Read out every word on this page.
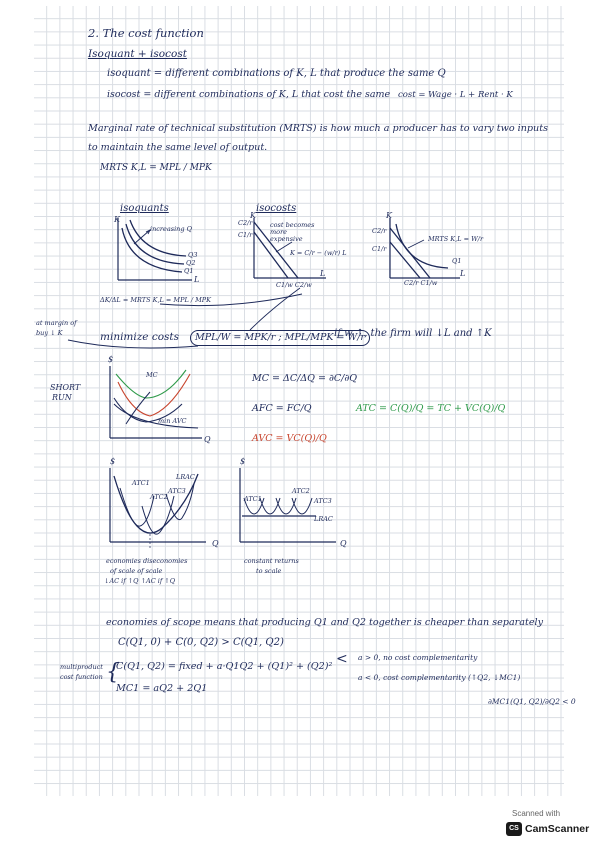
2. The cost function
Isoquant + isocost
isoquant = different combinations of K, L that produce the same Q
isocost = different combinations of K, L that cost the same cost = Wage · L + Rent · K
Marginal rate of technical substitution (MRTS) is how much a producer has to vary two inputs
to maintain the same level of output.
MRTS K,L = MPL / MPK
isoquants
K
L
increasing Q
Q3
Q2
Q1
ΔK/ΔL = MRTS K,L = MPL / MPK
isocosts
C2/r
C1/r
K
L
C1/w C2/w
cost becomes more expensive
K = C/r − (w/r) L
K
L
C2/r
C1/r
C2/r C1/w
Q1
MRTS K,L = W/r
at margin of
buy ↓ K	minimize costs	MPL/W = MPK/r ; MPL/MPK = W/r
if w ↑, the firm will ↓L and ↑K
SHORT
RUN
$
Q
MC
min AVC
MC = ΔC/ΔQ = ∂C/∂Q
AFC = FC/Q
AVC = VC(Q)/Q
ATC = C(Q)/Q = TC + VC(Q)/Q
$
Q
LRAC
ATC1
ATC2
ATC3
economies diseconomies
of scale of scale
↓AC if ↑Q ↑AC if ↑Q
$
Q
LRAC
ATC1
ATC2
ATC3
constant returns
to scale
economies of scope means that producing Q1 and Q2 together is cheaper than separately
C(Q1, 0) + C(0, Q2) > C(Q1, Q2)
multiproduct
cost function {
C(Q1, Q2) = fixed + a·Q1Q2 + (Q1)² + (Q2)²
MC1 = aQ2 + 2Q1
< a > 0, no cost complementarity
a < 0, cost complementarity (↑Q2, ↓MC1)
∂MC1(Q1, Q2)/∂Q2 < 0
Scanned with
CS CamScanner
